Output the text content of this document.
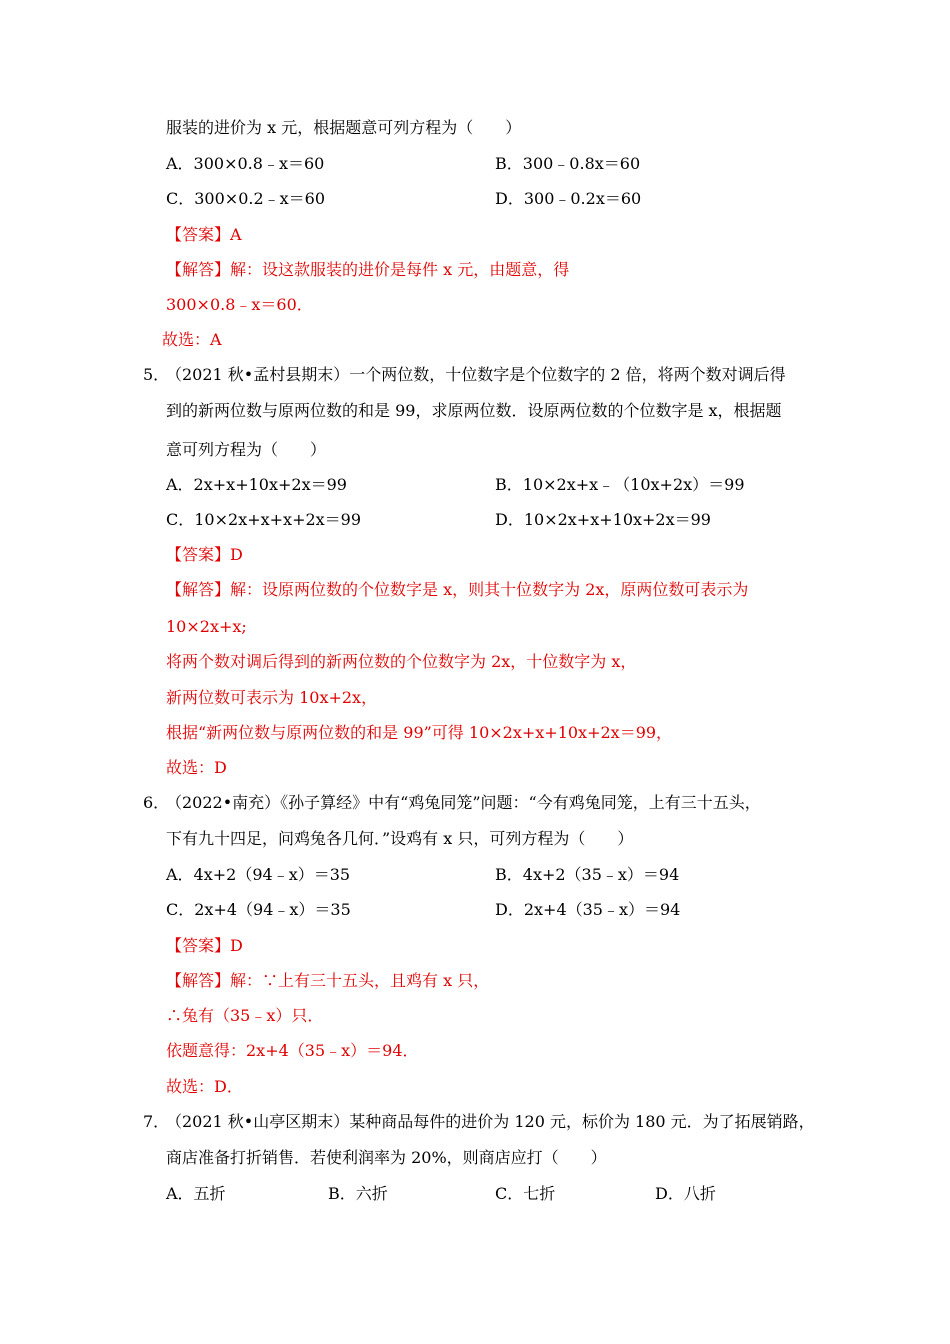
服装的进价为 x 元，根据题意可列方程为（　　）
A．300×0.8﹣x＝60	B．300﹣0.8x＝60
C．300×0.2﹣x＝60	D．300﹣0.2x＝60
【答案】A
【解答】解：设这款服装的进价是每件 x 元，由题意，得
300×0.8﹣x＝60．
故选：A
5．
（2021 秋•孟村县期末）一个两位数，十位数字是个位数字的 2 倍，将两个数对调后得
到的新两位数与原两位数的和是 99，求原两位数．设原两位数的个位数字是 x，根据题
意可列方程为（　　）
A．2x+x+10x+2x＝99	B．10×2x+x﹣（10x+2x）＝99
C．10×2x+x+x+2x＝99	D．10×2x+x+10x+2x＝99
【答案】D
【解答】解：设原两位数的个位数字是 x，则其十位数字为 2x，原两位数可表示为
10×2x+x;
将两个数对调后得到的新两位数的个位数字为 2x，十位数字为 x，
新两位数可表示为 10x+2x，
根据“新两位数与原两位数的和是 99”可得 10×2x+x+10x+2x＝99，
故选：D
6．
（2022•南充）《孙子算经》中有“鸡兔同笼”问题：“今有鸡兔同笼，上有三十五头，
下有九十四足，问鸡兔各几何．”设鸡有 x 只，可列方程为（　　）
A．4x+2（94﹣x）＝35	B．4x+2（35﹣x）＝94
C．2x+4（94﹣x）＝35	D．2x+4（35﹣x）＝94
【答案】D
【解答】解：∵上有三十五头，且鸡有 x 只，
∴兔有（35﹣x）只．
依题意得：2x+4（35﹣x）＝94．
故选：D．
7．
（2021 秋•山亭区期末）某种商品每件的进价为 120 元，标价为 180 元．为了拓展销路，
商店准备打折销售．若使利润率为 20%，则商店应打（　　）
A．五折	B．六折	C．七折	D．八折
